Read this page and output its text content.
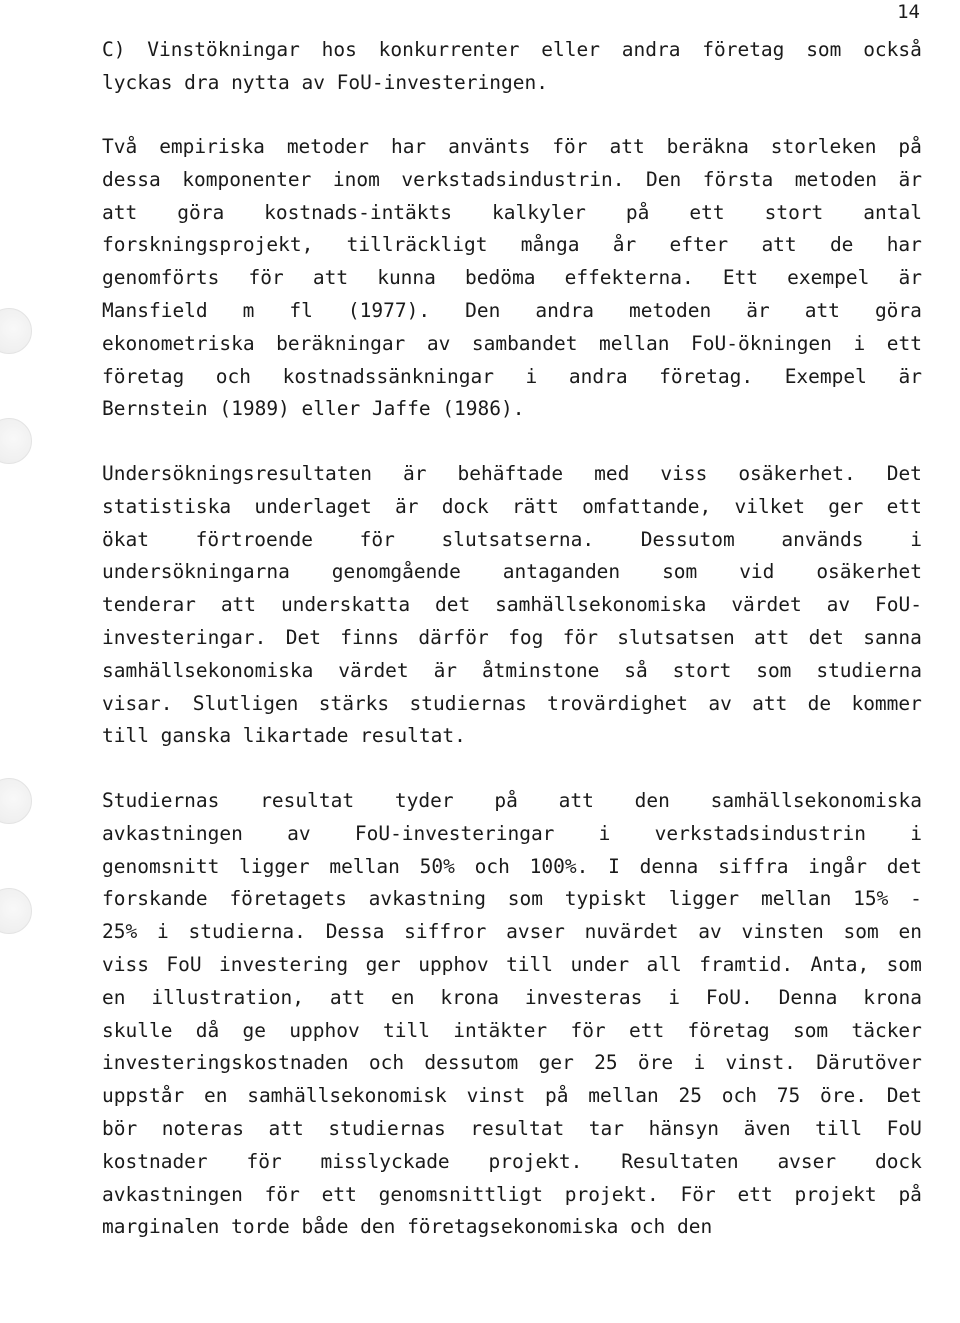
14
C) Vinstökningar hos konkurrenter eller andra företag som också
lyckas dra nytta av FoU-investeringen.
Två empiriska metoder har använts för att beräkna storleken på
dessa komponenter inom verkstadsindustrin. Den första metoden är
att göra kostnads-intäkts kalkyler på ett stort antal
forskningsprojekt, tillräckligt många år efter att de har
genomförts för att kunna bedöma effekterna. Ett exempel är
Mansfield m fl (1977). Den andra metoden är att göra
ekonometriska beräkningar av sambandet mellan FoU-ökningen i ett
företag och kostnadssänkningar i andra företag. Exempel är
Bernstein (1989) eller Jaffe (1986).
Undersökningsresultaten är behäftade med viss osäkerhet. Det
statistiska underlaget är dock rätt omfattande, vilket ger ett
ökat förtroende för slutsatserna. Dessutom används i
undersökningarna genomgående antaganden som vid osäkerhet
tenderar att underskatta det samhällsekonomiska värdet av FoU-
investeringar. Det finns därför fog för slutsatsen att det sanna
samhällsekonomiska värdet är åtminstone så stort som studierna
visar. Slutligen stärks studiernas trovärdighet av att de kommer
till ganska likartade resultat.
Studiernas resultat tyder på att den samhällsekonomiska
avkastningen av FoU-investeringar i verkstadsindustrin i
genomsnitt ligger mellan 50% och 100%. I denna siffra ingår det
forskande företagets avkastning som typiskt ligger mellan 15% -
25% i studierna. Dessa siffror avser nuvärdet av vinsten som en
viss FoU investering ger upphov till under all framtid. Anta, som
en illustration, att en krona investeras i FoU. Denna krona
skulle då ge upphov till intäkter för ett företag som täcker
investeringskostnaden och dessutom ger 25 öre i vinst. Därutöver
uppstår en samhällsekonomisk vinst på mellan 25 och 75 öre. Det
bör noteras att studiernas resultat tar hänsyn även till FoU
kostnader för misslyckade projekt. Resultaten avser dock
avkastningen för ett genomsnittligt projekt. För ett projekt på
marginalen torde både den företagsekonomiska och den
